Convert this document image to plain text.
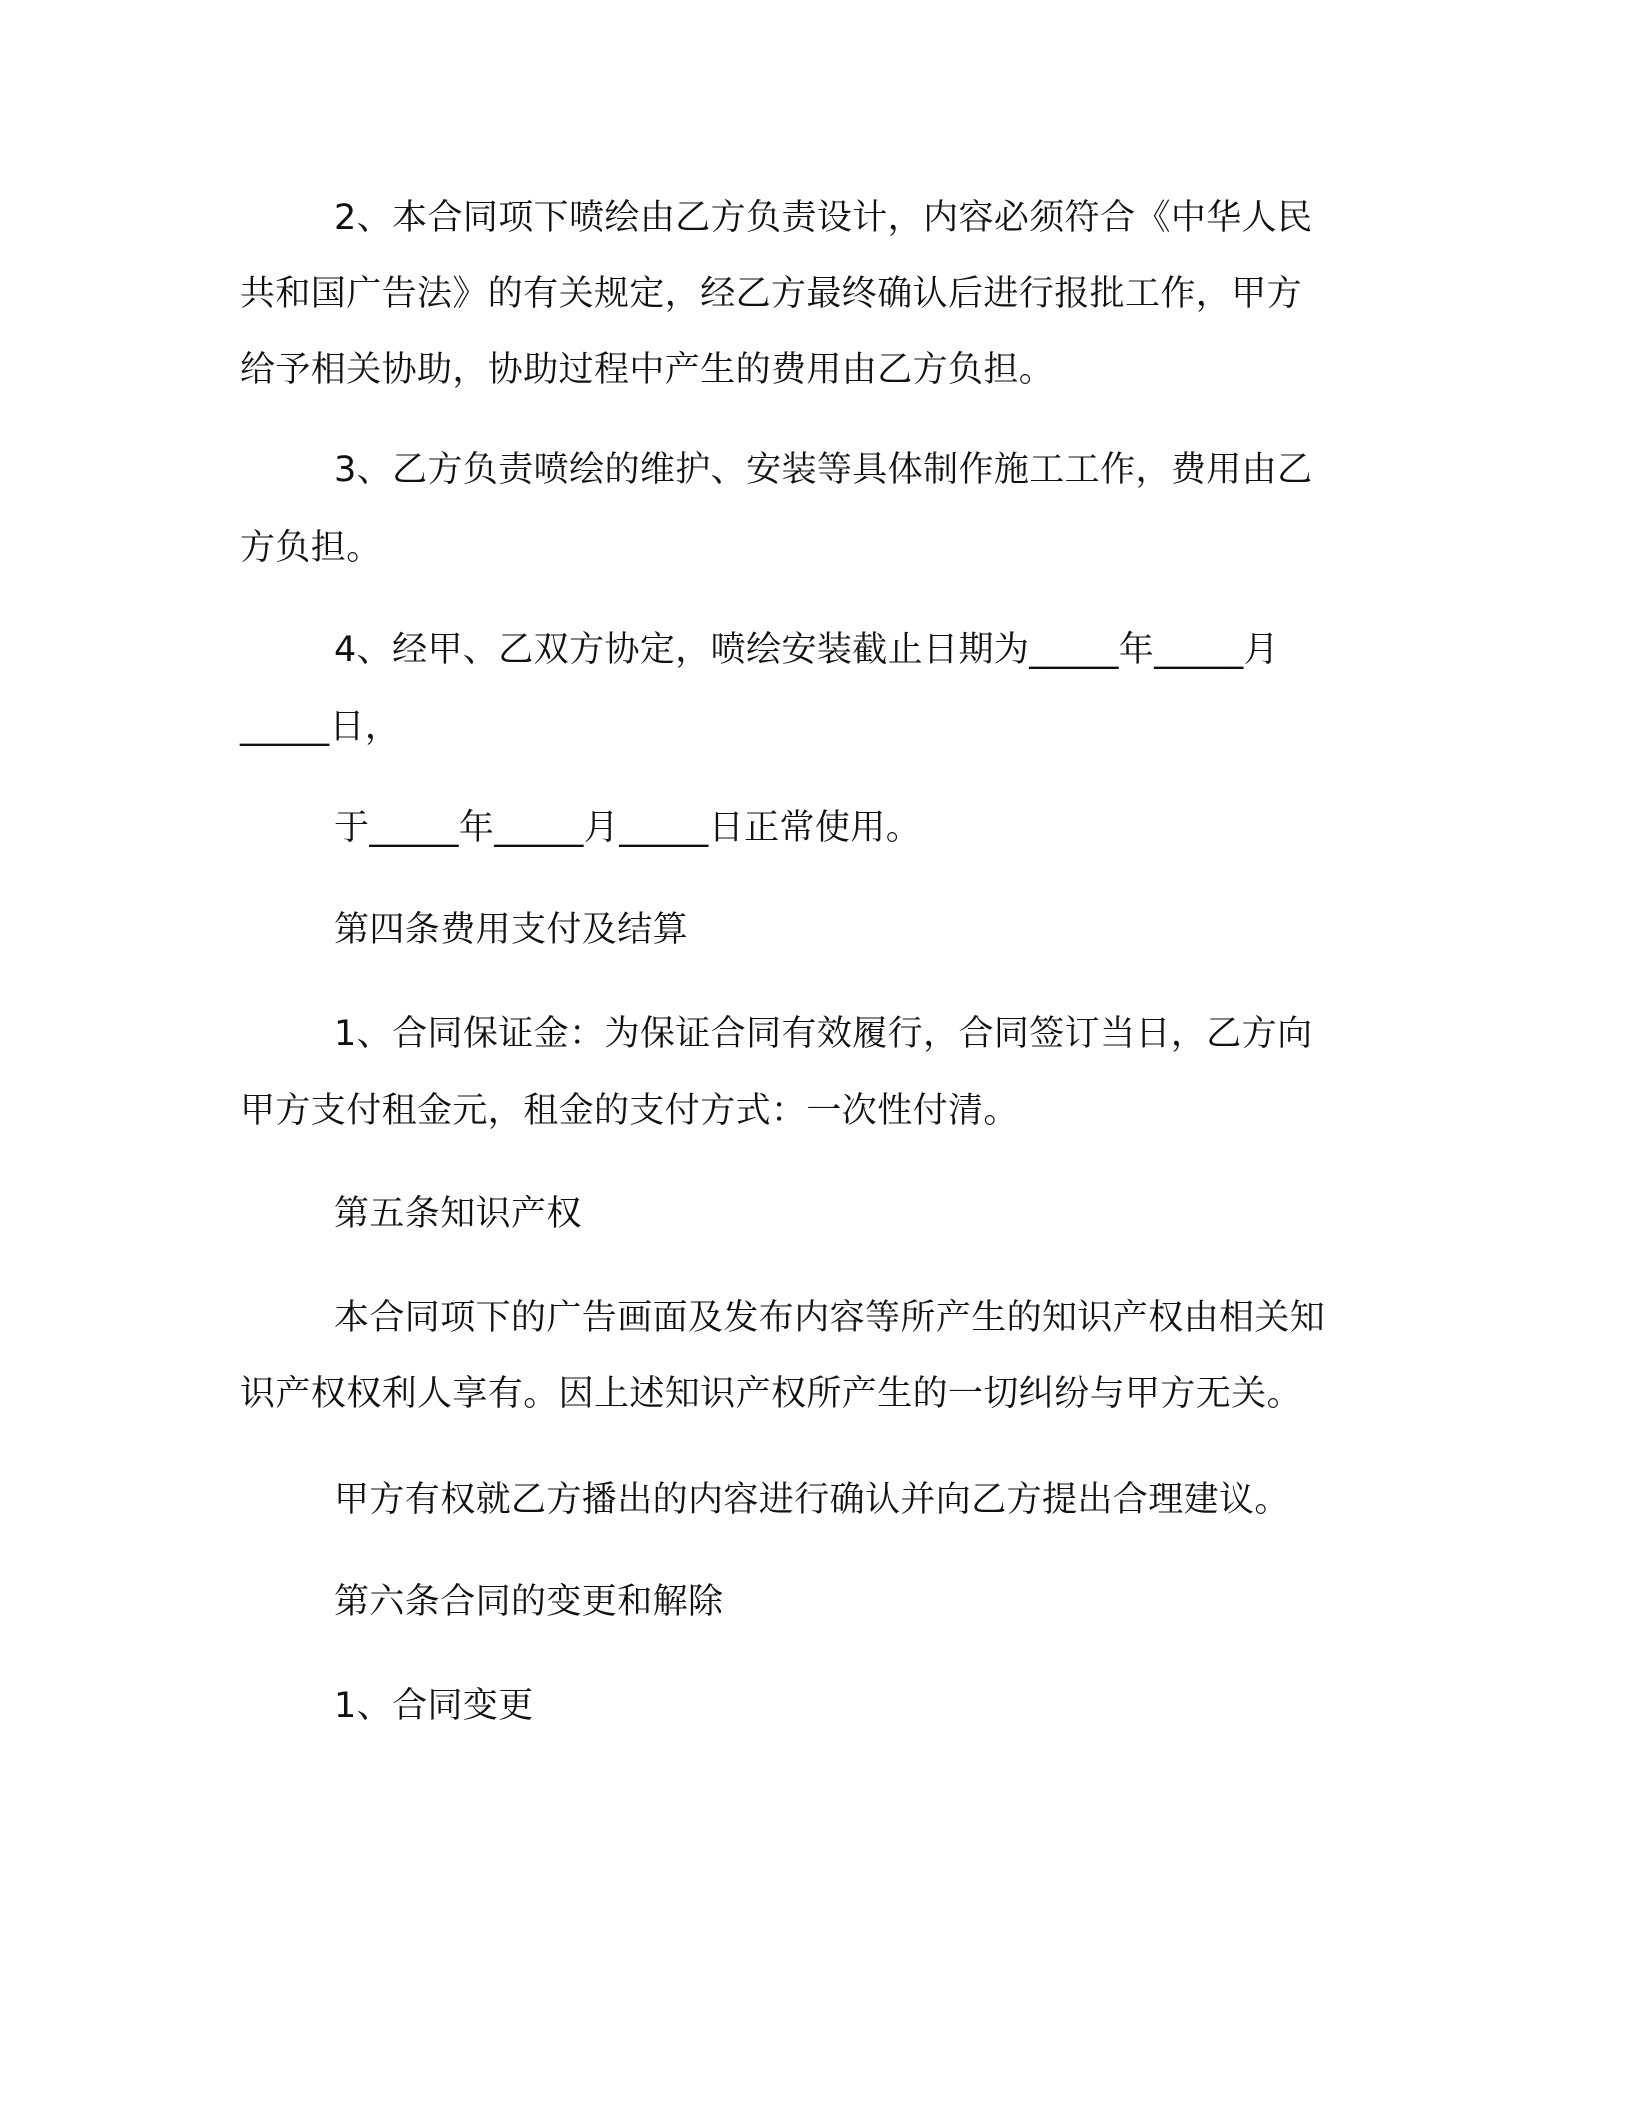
2、本合同项下喷绘由乙方负责设计，内容必须符合《中华人民

共和国广告法》的有关规定，经乙方最终确认后进行报批工作，甲方

给予相关协助，协助过程中产生的费用由乙方负担。

3、乙方负责喷绘的维护、安装等具体制作施工工作，费用由乙

方负担。

4、经甲、乙双方协定，喷绘安装截止日期为_____年_____月

_____日，

于_____年_____月_____日正常使用。

第四条费用支付及结算

1、合同保证金：为保证合同有效履行，合同签订当日，乙方向

甲方支付租金元，租金的支付方式：一次性付清。

第五条知识产权

本合同项下的广告画面及发布内容等所产生的知识产权由相关知

识产权权利人享有。因上述知识产权所产生的一切纠纷与甲方无关。

甲方有权就乙方播出的内容进行确认并向乙方提出合理建议。

第六条合同的变更和解除

1、合同变更
